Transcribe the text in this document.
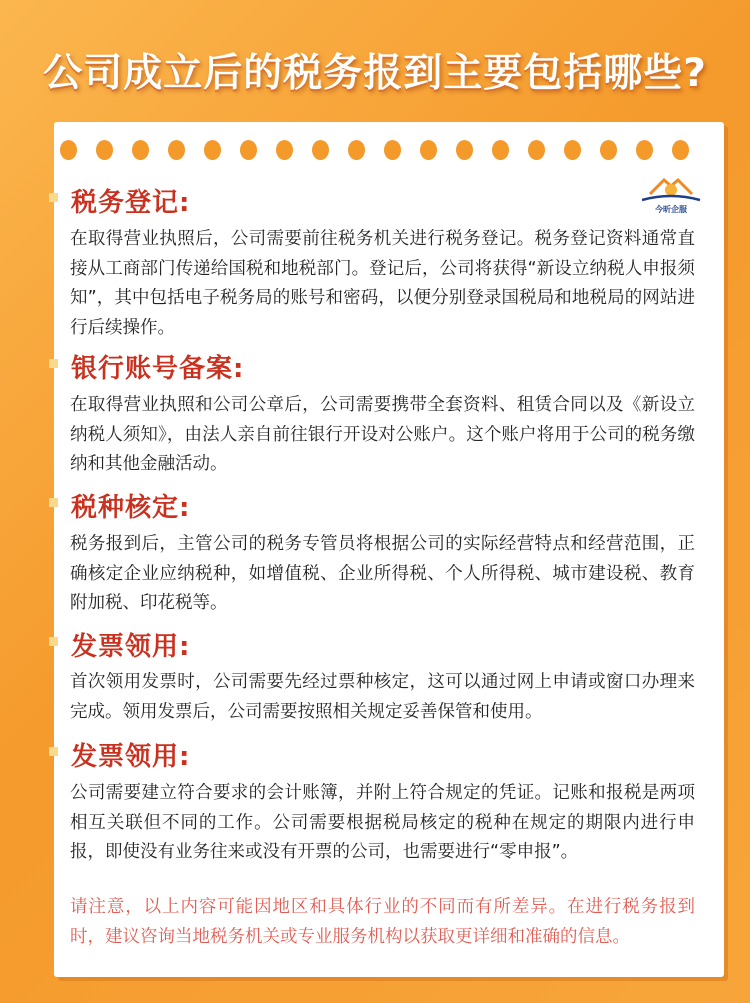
公司成立后的税务报到主要包括哪些?
今昕企服
税务登记:
在取得营业执照后，公司需要前往税务机关进行税务登记。税务登记资料通常直接从工商部门传递给国税和地税部门。登记后，公司将获得“新设立纳税人申报须知”，其中包括电子税务局的账号和密码，以便分别登录国税局和地税局的网站进行后续操作。
银行账号备案:
在取得营业执照和公司公章后，公司需要携带全套资料、租赁合同以及《新设立纳税人须知》，由法人亲自前往银行开设对公账户。这个账户将用于公司的税务缴纳和其他金融活动。
税种核定:
税务报到后，主管公司的税务专管员将根据公司的实际经营特点和经营范围，正确核定企业应纳税种，如增值税、企业所得税、个人所得税、城市建设税、教育附加税、印花税等。
发票领用:
首次领用发票时，公司需要先经过票种核定，这可以通过网上申请或窗口办理来完成。领用发票后，公司需要按照相关规定妥善保管和使用。
发票领用:
公司需要建立符合要求的会计账簿，并附上符合规定的凭证。记账和报税是两项相互关联但不同的工作。公司需要根据税局核定的税种在规定的期限内进行申报，即使没有业务往来或没有开票的公司，也需要进行“零申报”。
请注意，以上内容可能因地区和具体行业的不同而有所差异。在进行税务报到时，建议咨询当地税务机关或专业服务机构以获取更详细和准确的信息。
